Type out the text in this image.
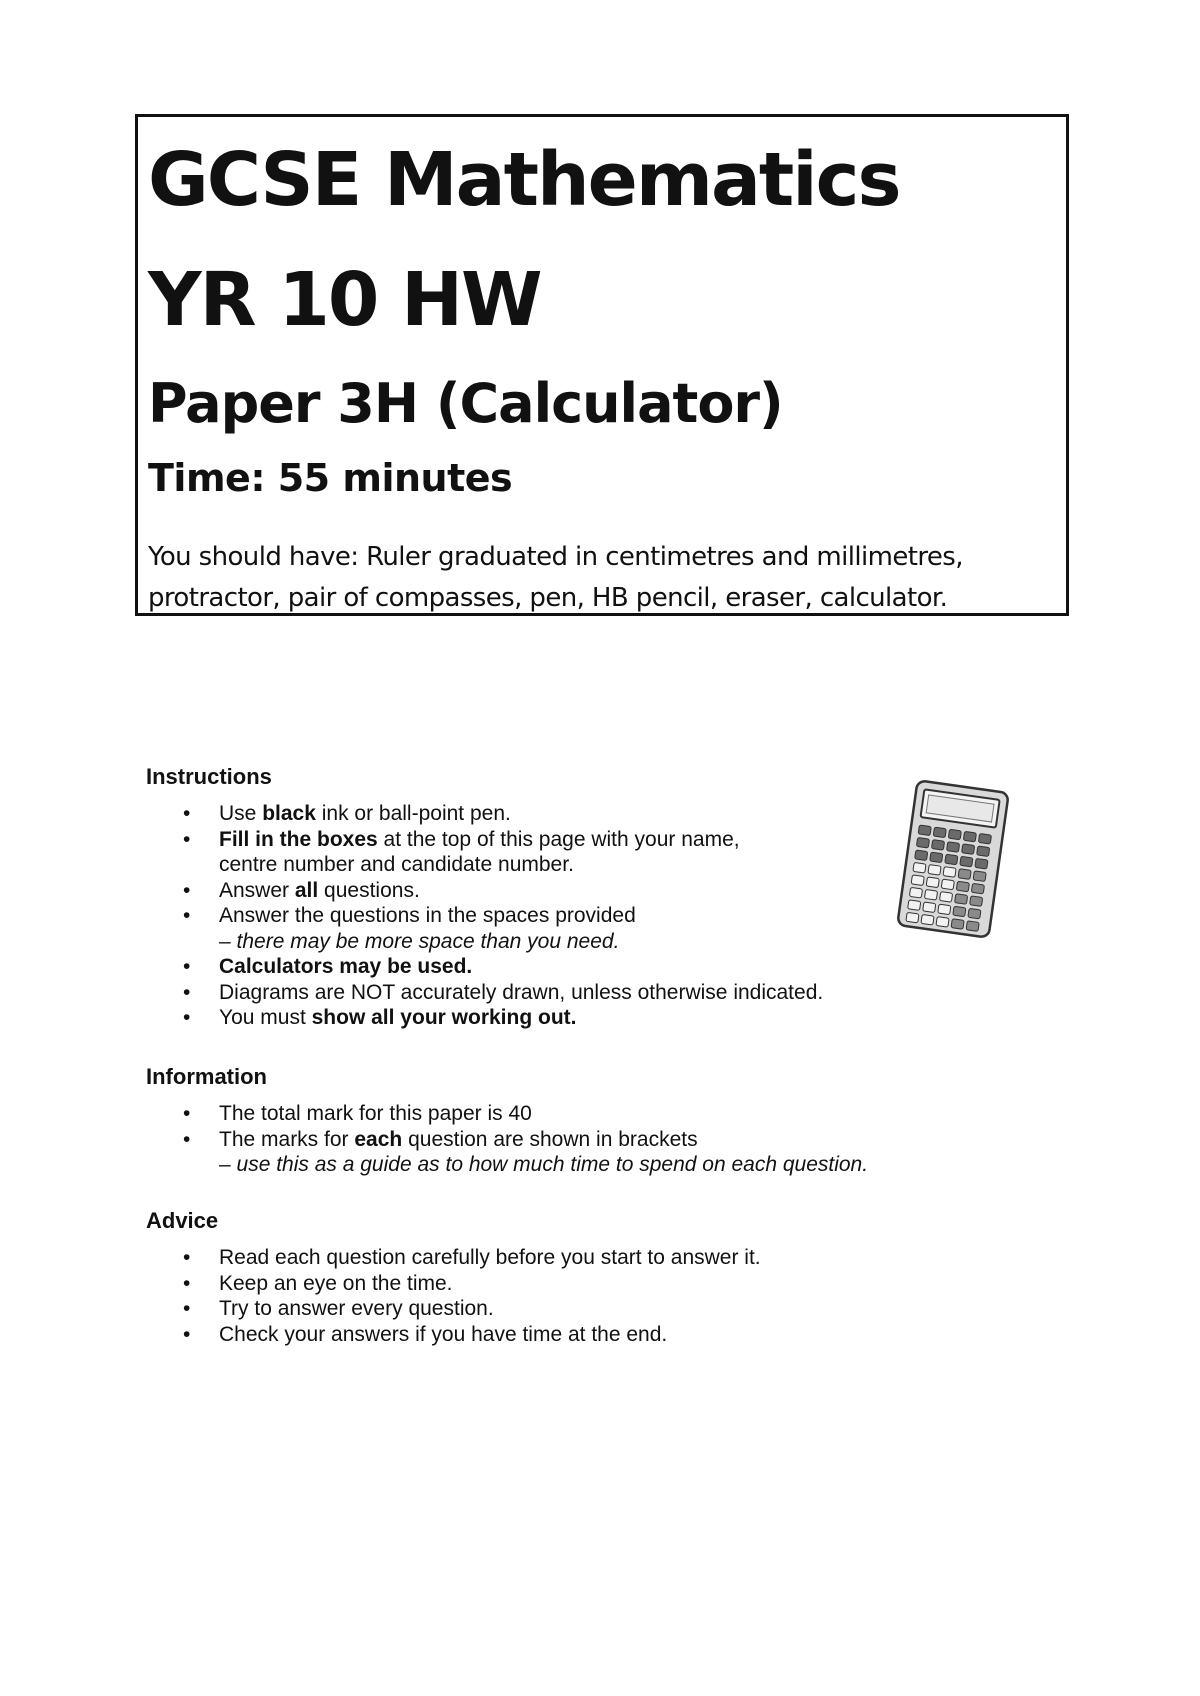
GCSE Mathematics
YR 10 HW
Paper 3H (Calculator)
Time: 55 minutes
You should have: Ruler graduated in centimetres and millimetres,
protractor, pair of compasses, pen, HB pencil, eraser, calculator.
Instructions
• Use black ink or ball-point pen.
• Fill in the boxes at the top of this page with your name,
centre number and candidate number.
• Answer all questions.
• Answer the questions in the spaces provided
– there may be more space than you need.
• Calculators may be used.
• Diagrams are NOT accurately drawn, unless otherwise indicated.
• You must show all your working out.
Information
• The total mark for this paper is 40
• The marks for each question are shown in brackets
– use this as a guide as to how much time to spend on each question.
Advice
• Read each question carefully before you start to answer it.
• Keep an eye on the time.
• Try to answer every question.
• Check your answers if you have time at the end.
